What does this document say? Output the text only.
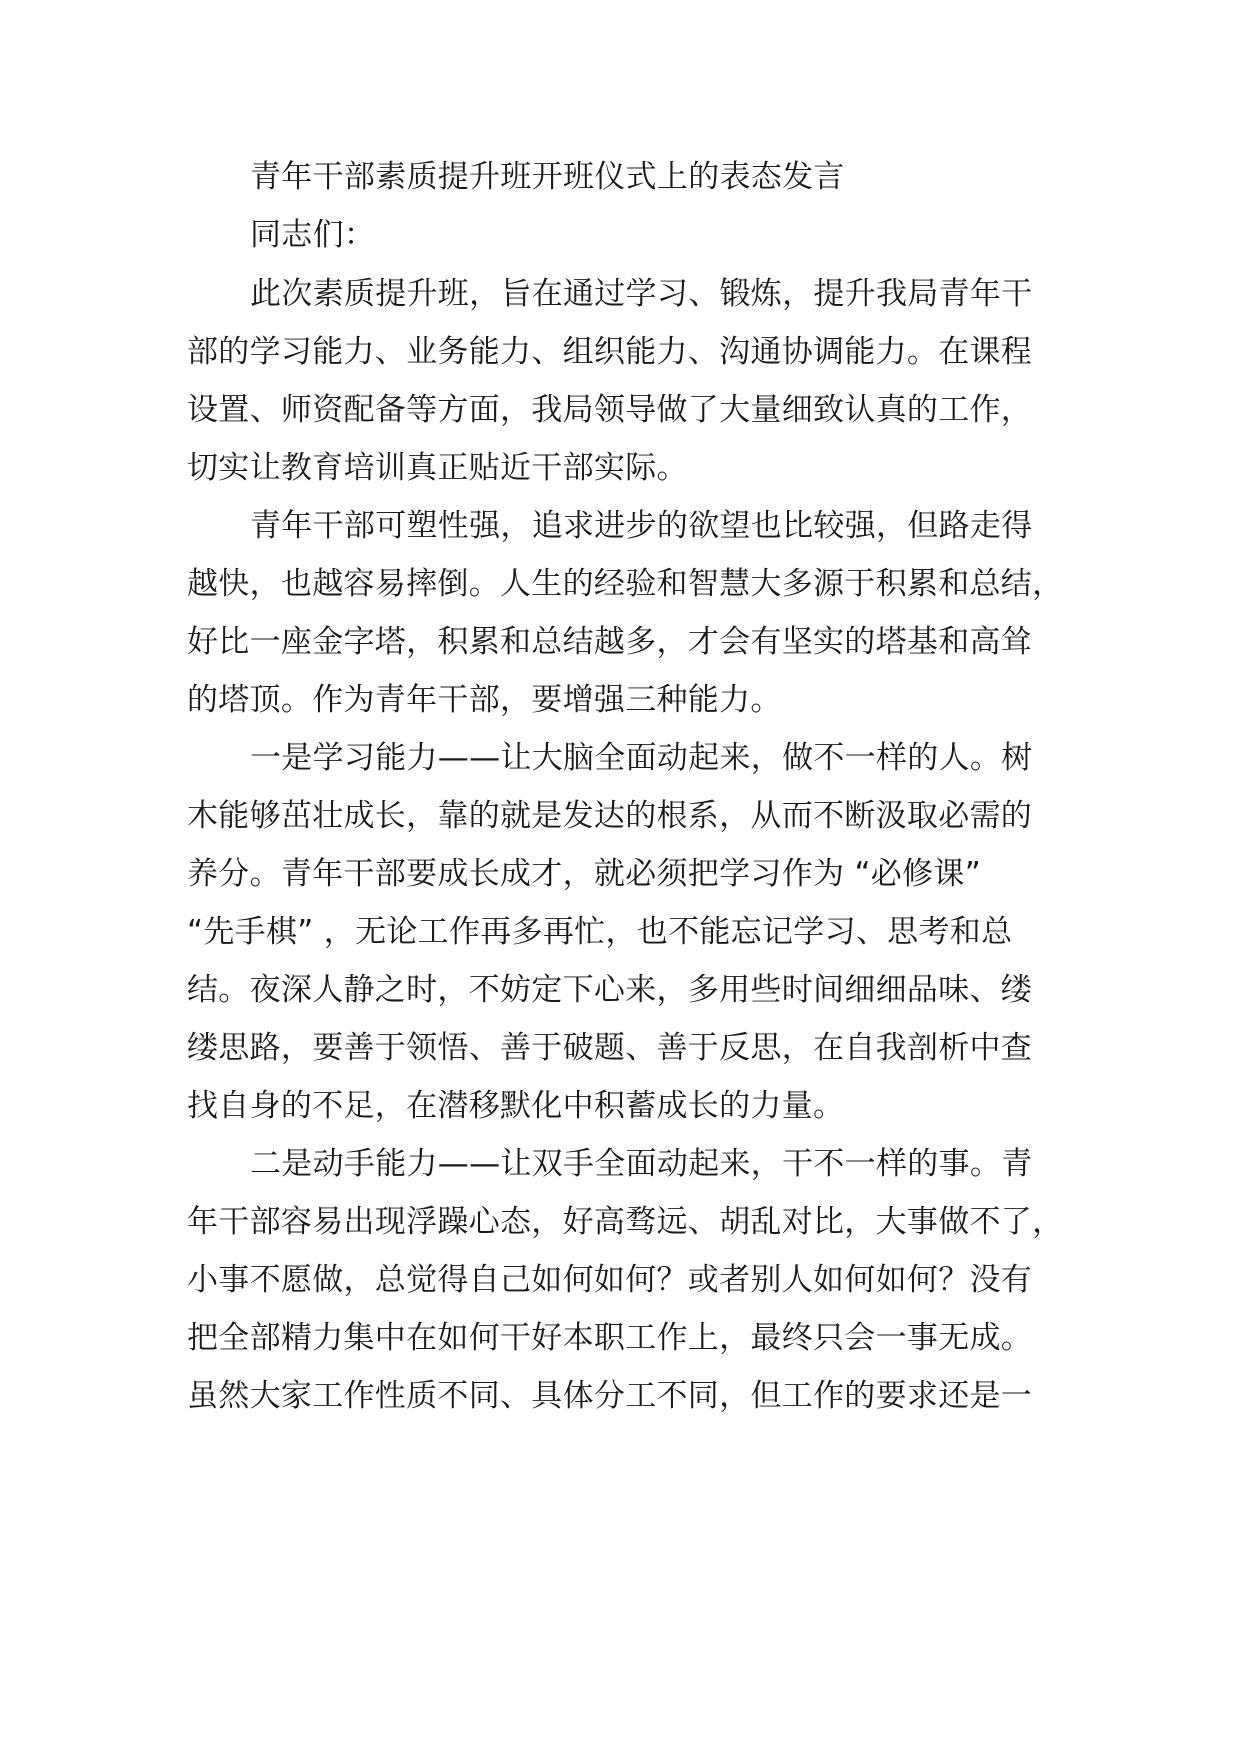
青年干部素质提升班开班仪式上的表态发言
同志们：
此次素质提升班，旨在通过学习、锻炼，提升我局青年干
部的学习能力、业务能力、组织能力、沟通协调能力。在课程
设置、师资配备等方面，我局领导做了大量细致认真的工作，
切实让教育培训真正贴近干部实际。
青年干部可塑性强，追求进步的欲望也比较强，但路走得
越快，也越容易摔倒。人生的经验和智慧大多源于积累和总结，
好比一座金字塔，积累和总结越多，才会有坚实的塔基和高耸
的塔顶。作为青年干部，要增强三种能力。
一是学习能力——让大脑全面动起来，做不一样的人。树
木能够茁壮成长，靠的就是发达的根系，从而不断汲取必需的
养分。青年干部要成长成才，就必须把学习作为 “必修课”
“先手棋” ，无论工作再多再忙，也不能忘记学习、思考和总
结。夜深人静之时，不妨定下心来，多用些时间细细品味、缕
缕思路，要善于领悟、善于破题、善于反思，在自我剖析中查
找自身的不足，在潜移默化中积蓄成长的力量。
二是动手能力——让双手全面动起来，干不一样的事。青
年干部容易出现浮躁心态，好高骛远、胡乱对比，大事做不了，
小事不愿做，总觉得自己如何如何？或者别人如何如何？没有
把全部精力集中在如何干好本职工作上，最终只会一事无成。
虽然大家工作性质不同、具体分工不同，但工作的要求还是一
